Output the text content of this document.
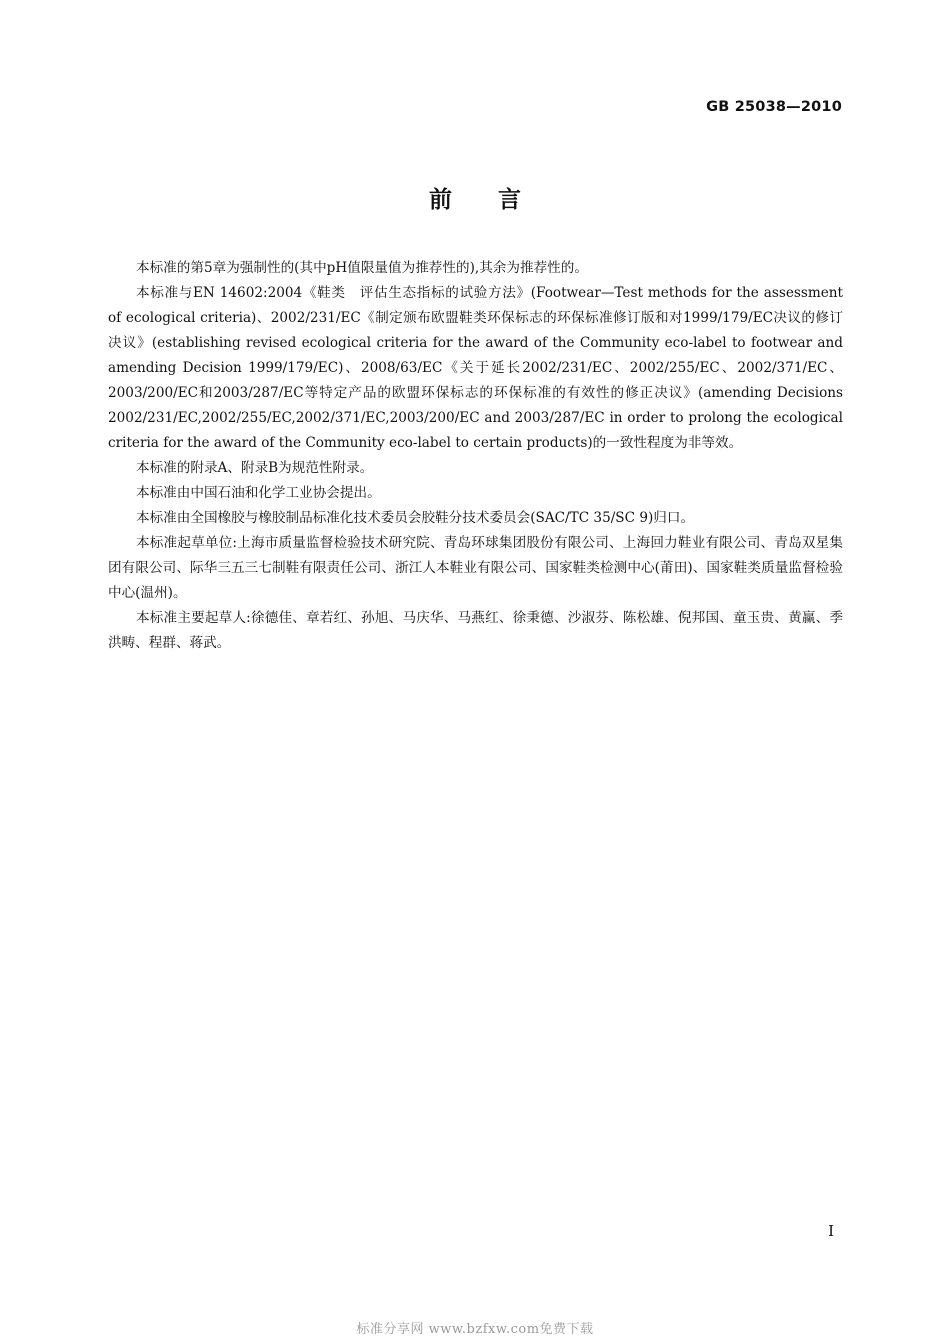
GB 25038—2010
前 言

本标准的第5章为强制性的(其中pH值限量值为推荐性的),其余为推荐性的。

本标准与EN 14602:2004《鞋类　评估生态指标的试验方法》(Footwear—Test methods for the assessment of ecological criteria)、2002/231/EC《制定颁布欧盟鞋类环保标志的环保标准修订版和对1999/179/EC决议的修订决议》(establishing revised ecological criteria for the award of the Community eco-label to footwear and amending Decision 1999/179/EC)、2008/63/EC《关于延长2002/231/EC、2002/255/EC、2002/371/EC、2003/200/EC和2003/287/EC等特定产品的欧盟环保标志的环保标准的有效性的修正决议》(amending Decisions 2002/231/EC,2002/255/EC,2002/371/EC,2003/200/EC and 2003/287/EC in order to prolong the ecological criteria for the award of the Community eco-label to certain products)的一致性程度为非等效。

本标准的附录A、附录B为规范性附录。

本标准由中国石油和化学工业协会提出。

本标准由全国橡胶与橡胶制品标准化技术委员会胶鞋分技术委员会(SAC/TC 35/SC 9)归口。

本标准起草单位:上海市质量监督检验技术研究院、青岛环球集团股份有限公司、上海回力鞋业有限公司、青岛双星集团有限公司、际华三五三七制鞋有限责任公司、浙江人本鞋业有限公司、国家鞋类检测中心(莆田)、国家鞋类质量监督检验中心(温州)。

本标准主要起草人:徐德佳、章若红、孙旭、马庆华、马燕红、徐秉德、沙淑芬、陈松雄、倪邦国、童玉贵、黄赢、季洪畴、程群、蒋武。

I
标准分享网 www.bzfxw.com免费下载
